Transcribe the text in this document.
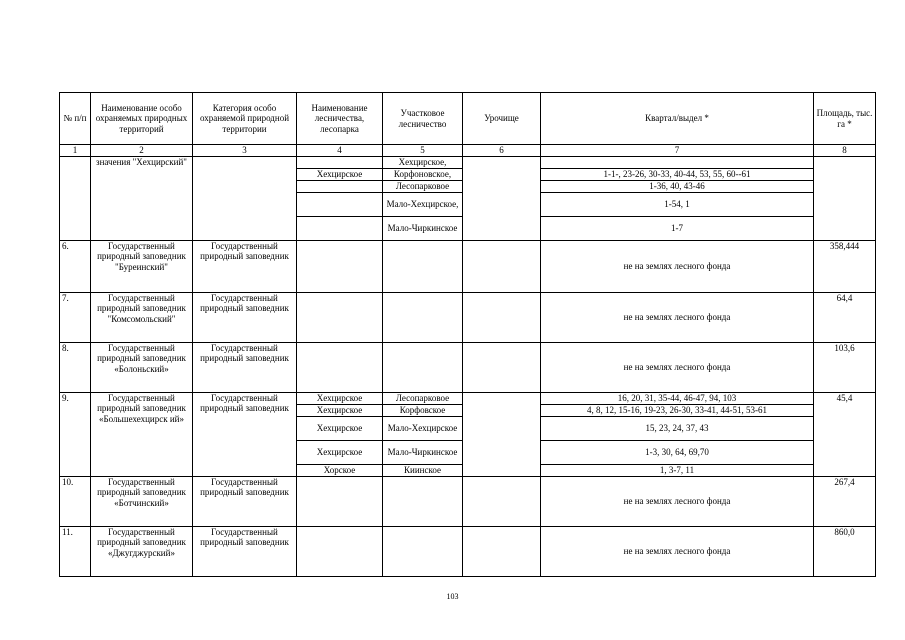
№ п/п	Наименование особо охраняемых природных территорий	Категория особо охраняемой природной территории	Наименование лесничества, лесопарка	Участковое лесничество	Урочище	Квартал/выдел *	Площадь, тыс. га *
1	2	3	4	5	6	7	8
	значения "Хехцирский"			Хехцирское,			
			Хехцирское	Корфоновское,		1-1-, 23-26, 30-33, 40-44, 53, 55, 60--61	
				Лесопарковое		1-36, 40, 43-46	
				Мало-Хехцирское,		1-54, 1	
				Мало-Чиркинское		1-7	
6.	Государственный природный заповедник "Буреинский"	Государственный природный заповедник				не на землях лесного фонда	358,444
7.	Государственный природный заповедник "Комсомольский"	Государственный природный заповедник				не на землях лесного фонда	64,4
8.	Государственный природный заповедник «Болоньский»	Государственный природный заповедник				не на землях лесного фонда	103,6
9.	Государственный природный заповедник «Большехехцирск ий»	Государственный природный заповедник	Хехцирское	Лесопарковое		16, 20, 31, 35-44, 46-47, 94, 103	45,4
			Хехцирское	Корфовское		4, 8, 12, 15-16, 19-23, 26-30, 33-41, 44-51, 53-61	
			Хехцирское	Мало-Хехцирское		15, 23, 24, 37, 43	
			Хехцирское	Мало-Чиркинское		1-3, 30, 64, 69,70	
			Хорское	Киинское		1, 3-7, 11	
10.	Государственный природный заповедник «Ботчинский»	Государственный природный заповедник				не на землях лесного фонда	267,4
11.	Государственный природный заповедник «Джугджурский»	Государственный природный заповедник				не на землях лесного фонда	860,0
103
